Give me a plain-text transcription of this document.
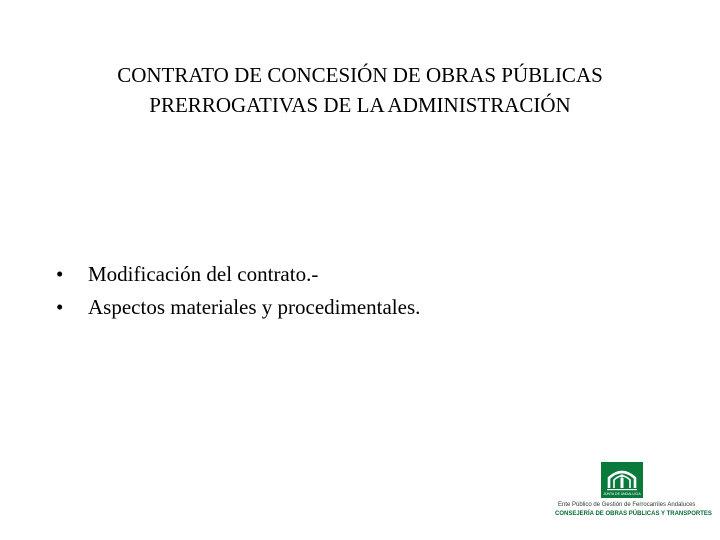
CONTRATO DE CONCESIÓN DE OBRAS PÚBLICAS
PRERROGATIVAS DE LA ADMINISTRACIÓN
•	Modificación del contrato.-
•	Aspectos materiales y procedimentales.
JUNTA DE ANDALUCIA
Ente Público de Gestión de Ferrocarriles Andaluces
CONSEJERÍA DE OBRAS PÚBLICAS Y TRANSPORTES
